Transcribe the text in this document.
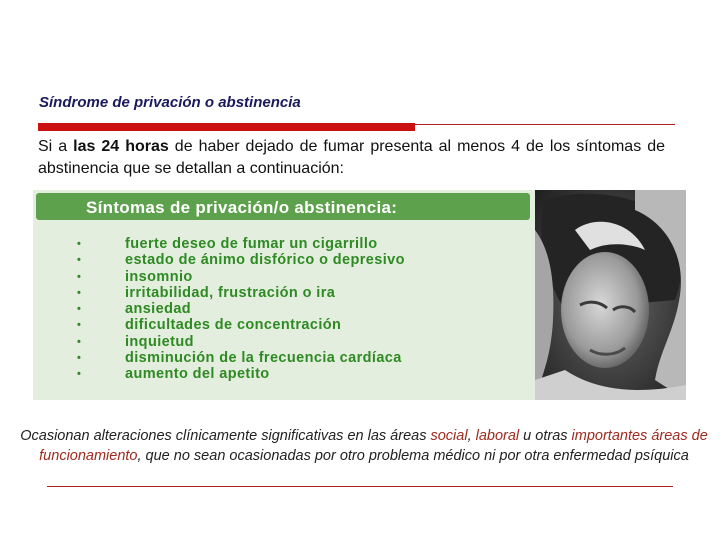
Síndrome de privación o abstinencia
Si a las 24 horas de haber dejado de fumar presenta al menos 4 de los síntomas de abstinencia que se detallan a continuación:
Síntomas de privación/o abstinencia:
•	fuerte deseo de fumar un cigarrillo
•	estado de ánimo disfórico o depresivo
•	insomnio
•	irritabilidad, frustración o ira
•	ansiedad
•	dificultades de concentración
•	inquietud
•	disminución de la frecuencia cardíaca
•	aumento del apetito
Ocasionan alteraciones clínicamente significativas en las áreas social, laboral u otras importantes áreas de funcionamiento, que no sean ocasionadas por otro problema médico ni por otra enfermedad psíquica
